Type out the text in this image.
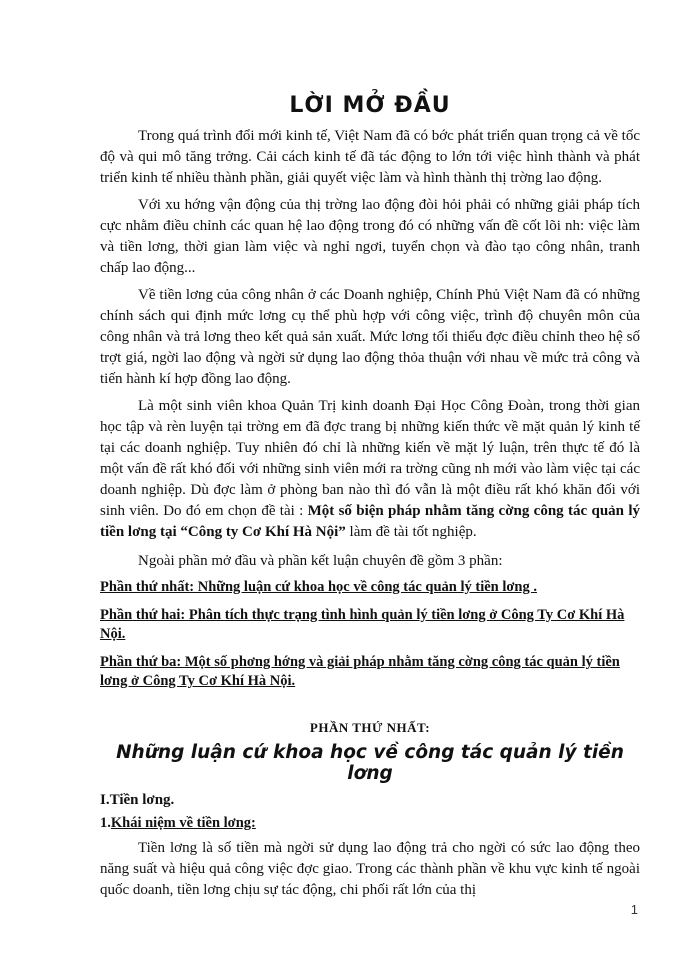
LỜI MỞ ĐẦU

Trong quá trình đổi mới kinh tế, Việt Nam đã có bớc phát triển quan trọng cả về tốc độ và qui mô tăng trởng. Cải cách kinh tế đã tác động to lớn tới việc hình thành và phát triển kinh tế nhiều thành phần, giải quyết việc làm và hình thành thị trờng lao động.

Với xu hớng vận động của thị trờng lao động đòi hỏi phải có những giải pháp tích cực nhằm điều chỉnh các quan hệ lao động trong đó có những vấn đề cốt lõi nh: việc làm và tiền lơng, thời gian làm việc và nghỉ ngơi, tuyển chọn và đào tạo công nhân, tranh chấp lao động...

Về tiền lơng của công nhân ở các Doanh nghiệp, Chính Phủ Việt Nam đã có những chính sách qui định mức lơng cụ thể phù hợp với công việc, trình độ chuyên môn của công nhân và trả lơng theo kết quả sản xuất. Mức lơng tối thiểu đợc điều chỉnh theo hệ số trợt giá, ngời lao động và ngời sử dụng lao động thỏa thuận với nhau về mức trả công và tiến hành kí hợp đồng lao động.

Là một sinh viên khoa Quản Trị kinh doanh Đại Học Công Đoàn, trong thời gian học tập và rèn luyện tại trờng em đã đợc trang bị những kiến thức về mặt quản lý kinh tế tại các doanh nghiệp. Tuy nhiên đó chỉ là những kiến về mặt lý luận, trên thực tế đó là một vấn đề rất khó đối với những sinh viên mới ra trờng cũng nh mới vào làm việc tại các doanh nghiệp. Dù đợc làm ở phòng ban nào thì đó vẫn là một điều rất khó khăn đối với sinh viên. Do đó em chọn đề tài : Một số biện pháp nhằm tăng cờng công tác quản lý tiền lơng tại “Công ty Cơ Khí Hà Nội” làm đề tài tốt nghiệp.

Ngoài phần mở đầu và phần kết luận chuyên đề gồm 3 phần:

Phần thứ nhất: Những luận cứ khoa học về công tác quản lý tiền lơng .
Phần thứ hai: Phân tích thực trạng tình hình quản lý tiền lơng ở Công Ty Cơ Khí Hà Nội.
Phần thứ ba: Một số phơng hớng và giải pháp nhằm tăng cờng công tác quản lý tiền lơng ở Công Ty Cơ Khí Hà Nội.
PHẦN THỨ NHẤT:
Những luận cứ khoa học về công tác quản lý tiền lơng
I.Tiền lơng.
1.Khái niệm về tiền lơng:

Tiền lơng là số tiền mà ngời sử dụng lao động trả cho ngời có sức lao động theo năng suất và hiệu quả công việc đợc giao. Trong các thành phần về khu vực kinh tế ngoài quốc doanh, tiền lơng chịu sự tác động, chi phối rất lớn của thị

1
